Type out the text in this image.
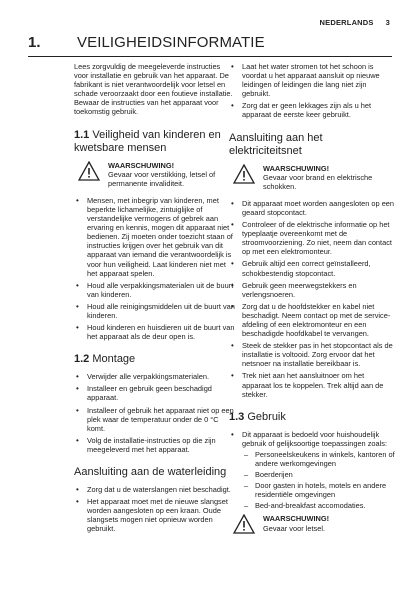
NEDERLANDS 3
1. VEILIGHEIDSINFORMATIE

Lees zorgvuldig de meegeleverde instructies voor installatie en gebruik van het apparaat. De fabrikant is niet verantwoordelijk voor letsel en schade veroorzaakt door een foutieve installatie. Bewaar de instructies van het apparaat voor toekomstig gebruik.

1.1 Veiligheid van kinderen en kwetsbare mensen
WAARSCHUWING!
Gevaar voor verstikking, letsel of permanente invaliditeit.
• Mensen, met inbegrip van kinderen, met beperkte lichamelijke, zintuiglijke of verstandelijke vermogens of gebrek aan ervaring en kennis, mogen dit apparaat niet bedienen. Zij moeten onder toezicht staan of instructies krijgen over het gebruik van dit apparaat van iemand die verantwoordelijk is voor hun veiligheid. Laat kinderen niet met het apparaat spelen.
• Houd alle verpakkingsmaterialen uit de buurt van kinderen.
• Houd alle reinigingsmiddelen uit de buurt van kinderen.
• Houd kinderen en huisdieren uit de buurt van het apparaat als de deur open is.
1.2 Montage
• Verwijder alle verpakkingsmaterialen.
• Installeer en gebruik geen beschadigd apparaat.
• Installeer of gebruik het apparaat niet op een plek waar de temperatuur onder de 0 °C komt.
• Volg de installatie-instructies op die zijn meegeleverd met het apparaat.
Aansluiting aan de waterleiding
• Zorg dat u de waterslangen niet beschadigt.
• Het apparaat moet met de nieuwe slangset worden aangesloten op een kraan. Oude slangsets mogen niet opnieuw worden gebruikt.
• Laat het water stromen tot het schoon is voordat u het apparaat aansluit op nieuwe leidingen of leidingen die lang niet zijn gebruikt.
• Zorg dat er geen lekkages zijn als u het apparaat de eerste keer gebruikt.
Aansluiting aan het elektriciteitsnet
WAARSCHUWING!
Gevaar voor brand en elektrische schokken.
• Dit apparaat moet worden aangesloten op een geaard stopcontact.
• Controleer of de elektrische informatie op het typeplaatje overeenkomt met de stroomvoorziening. Zo niet, neem dan contact op met een elektromonteur.
• Gebruik altijd een correct geïnstalleerd, schokbestendig stopcontact.
• Gebruik geen meerwegstekkers en verlengsnoeren.
• Zorg dat u de hoofdstekker en kabel niet beschadigt. Neem contact op met de service-afdeling of een elektromonteur en een beschadigde hoofdkabel te vervangen.
• Steek de stekker pas in het stopcontact als de installatie is voltooid. Zorg ervoor dat het netsnoer na installatie bereikbaar is.
• Trek niet aan het aansluitnoer om het apparaat los te koppelen. Trek altijd aan de stekker.
1.3 Gebruik
• Dit apparaat is bedoeld voor huishoudelijk gebruik of gelijksoortige toepassingen zoals:
– Personeelskeukens in winkels, kantoren of andere werkomgevingen
– Boerderijen
– Door gasten in hotels, motels en andere residentiële omgevingen
– Bed-and-breakfast accomodaties.
WAARSCHUWING!
Gevaar voor letsel.
